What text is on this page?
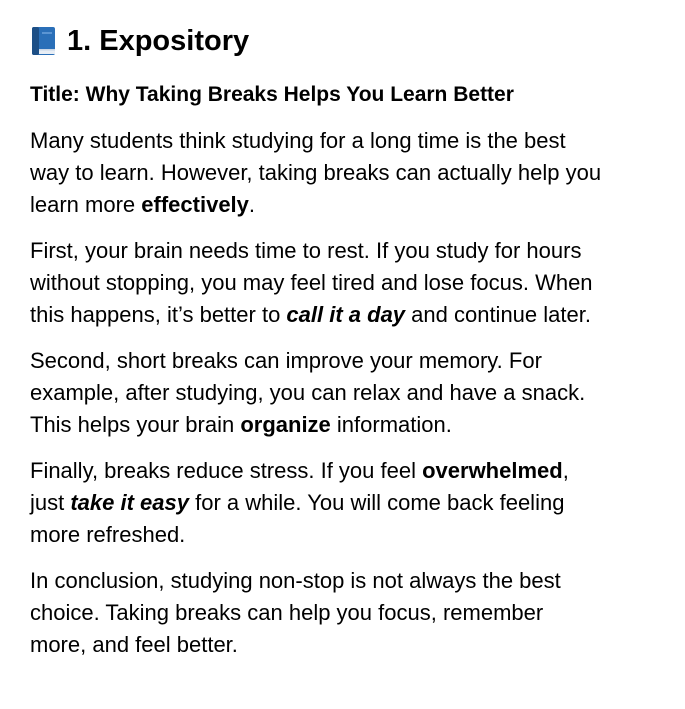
1. Expository

Title: Why Taking Breaks Helps You Learn Better

Many students think studying for a long time is the best
way to learn. However, taking breaks can actually help you
learn more effectively.

First, your brain needs time to rest. If you study for hours
without stopping, you may feel tired and lose focus. When
this happens, it’s better to call it a day and continue later.

Second, short breaks can improve your memory. For
example, after studying, you can relax and have a snack.
This helps your brain organize information.

Finally, breaks reduce stress. If you feel overwhelmed,
just take it easy for a while. You will come back feeling
more refreshed.

In conclusion, studying non-stop is not always the best
choice. Taking breaks can help you focus, remember
more, and feel better.
